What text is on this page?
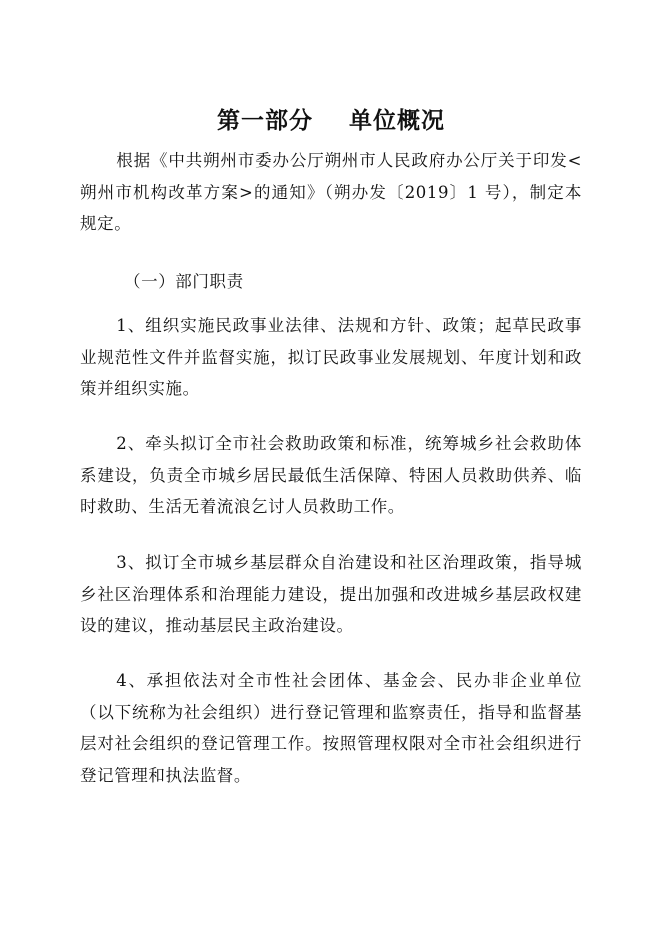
第一部分    单位概况

根据《中共朔州市委办公厅朔州市人民政府办公厅关于印发<朔州市机构改革方案>的通知》（朔办发〔2019〕1 号），制定本规定。

（一）部门职责

1、组织实施民政事业法律、法规和方针、政策；起草民政事业规范性文件并监督实施，拟订民政事业发展规划、年度计划和政策并组织实施。

2、牵头拟订全市社会救助政策和标准，统筹城乡社会救助体系建设，负责全市城乡居民最低生活保障、特困人员救助供养、临时救助、生活无着流浪乞讨人员救助工作。

3、拟订全市城乡基层群众自治建设和社区治理政策，指导城乡社区治理体系和治理能力建设，提出加强和改进城乡基层政权建设的建议，推动基层民主政治建设。

4、承担依法对全市性社会团体、基金会、民办非企业单位（以下统称为社会组织）进行登记管理和监察责任，指导和监督基层对社会组织的登记管理工作。按照管理权限对全市社会组织进行登记管理和执法监督。
